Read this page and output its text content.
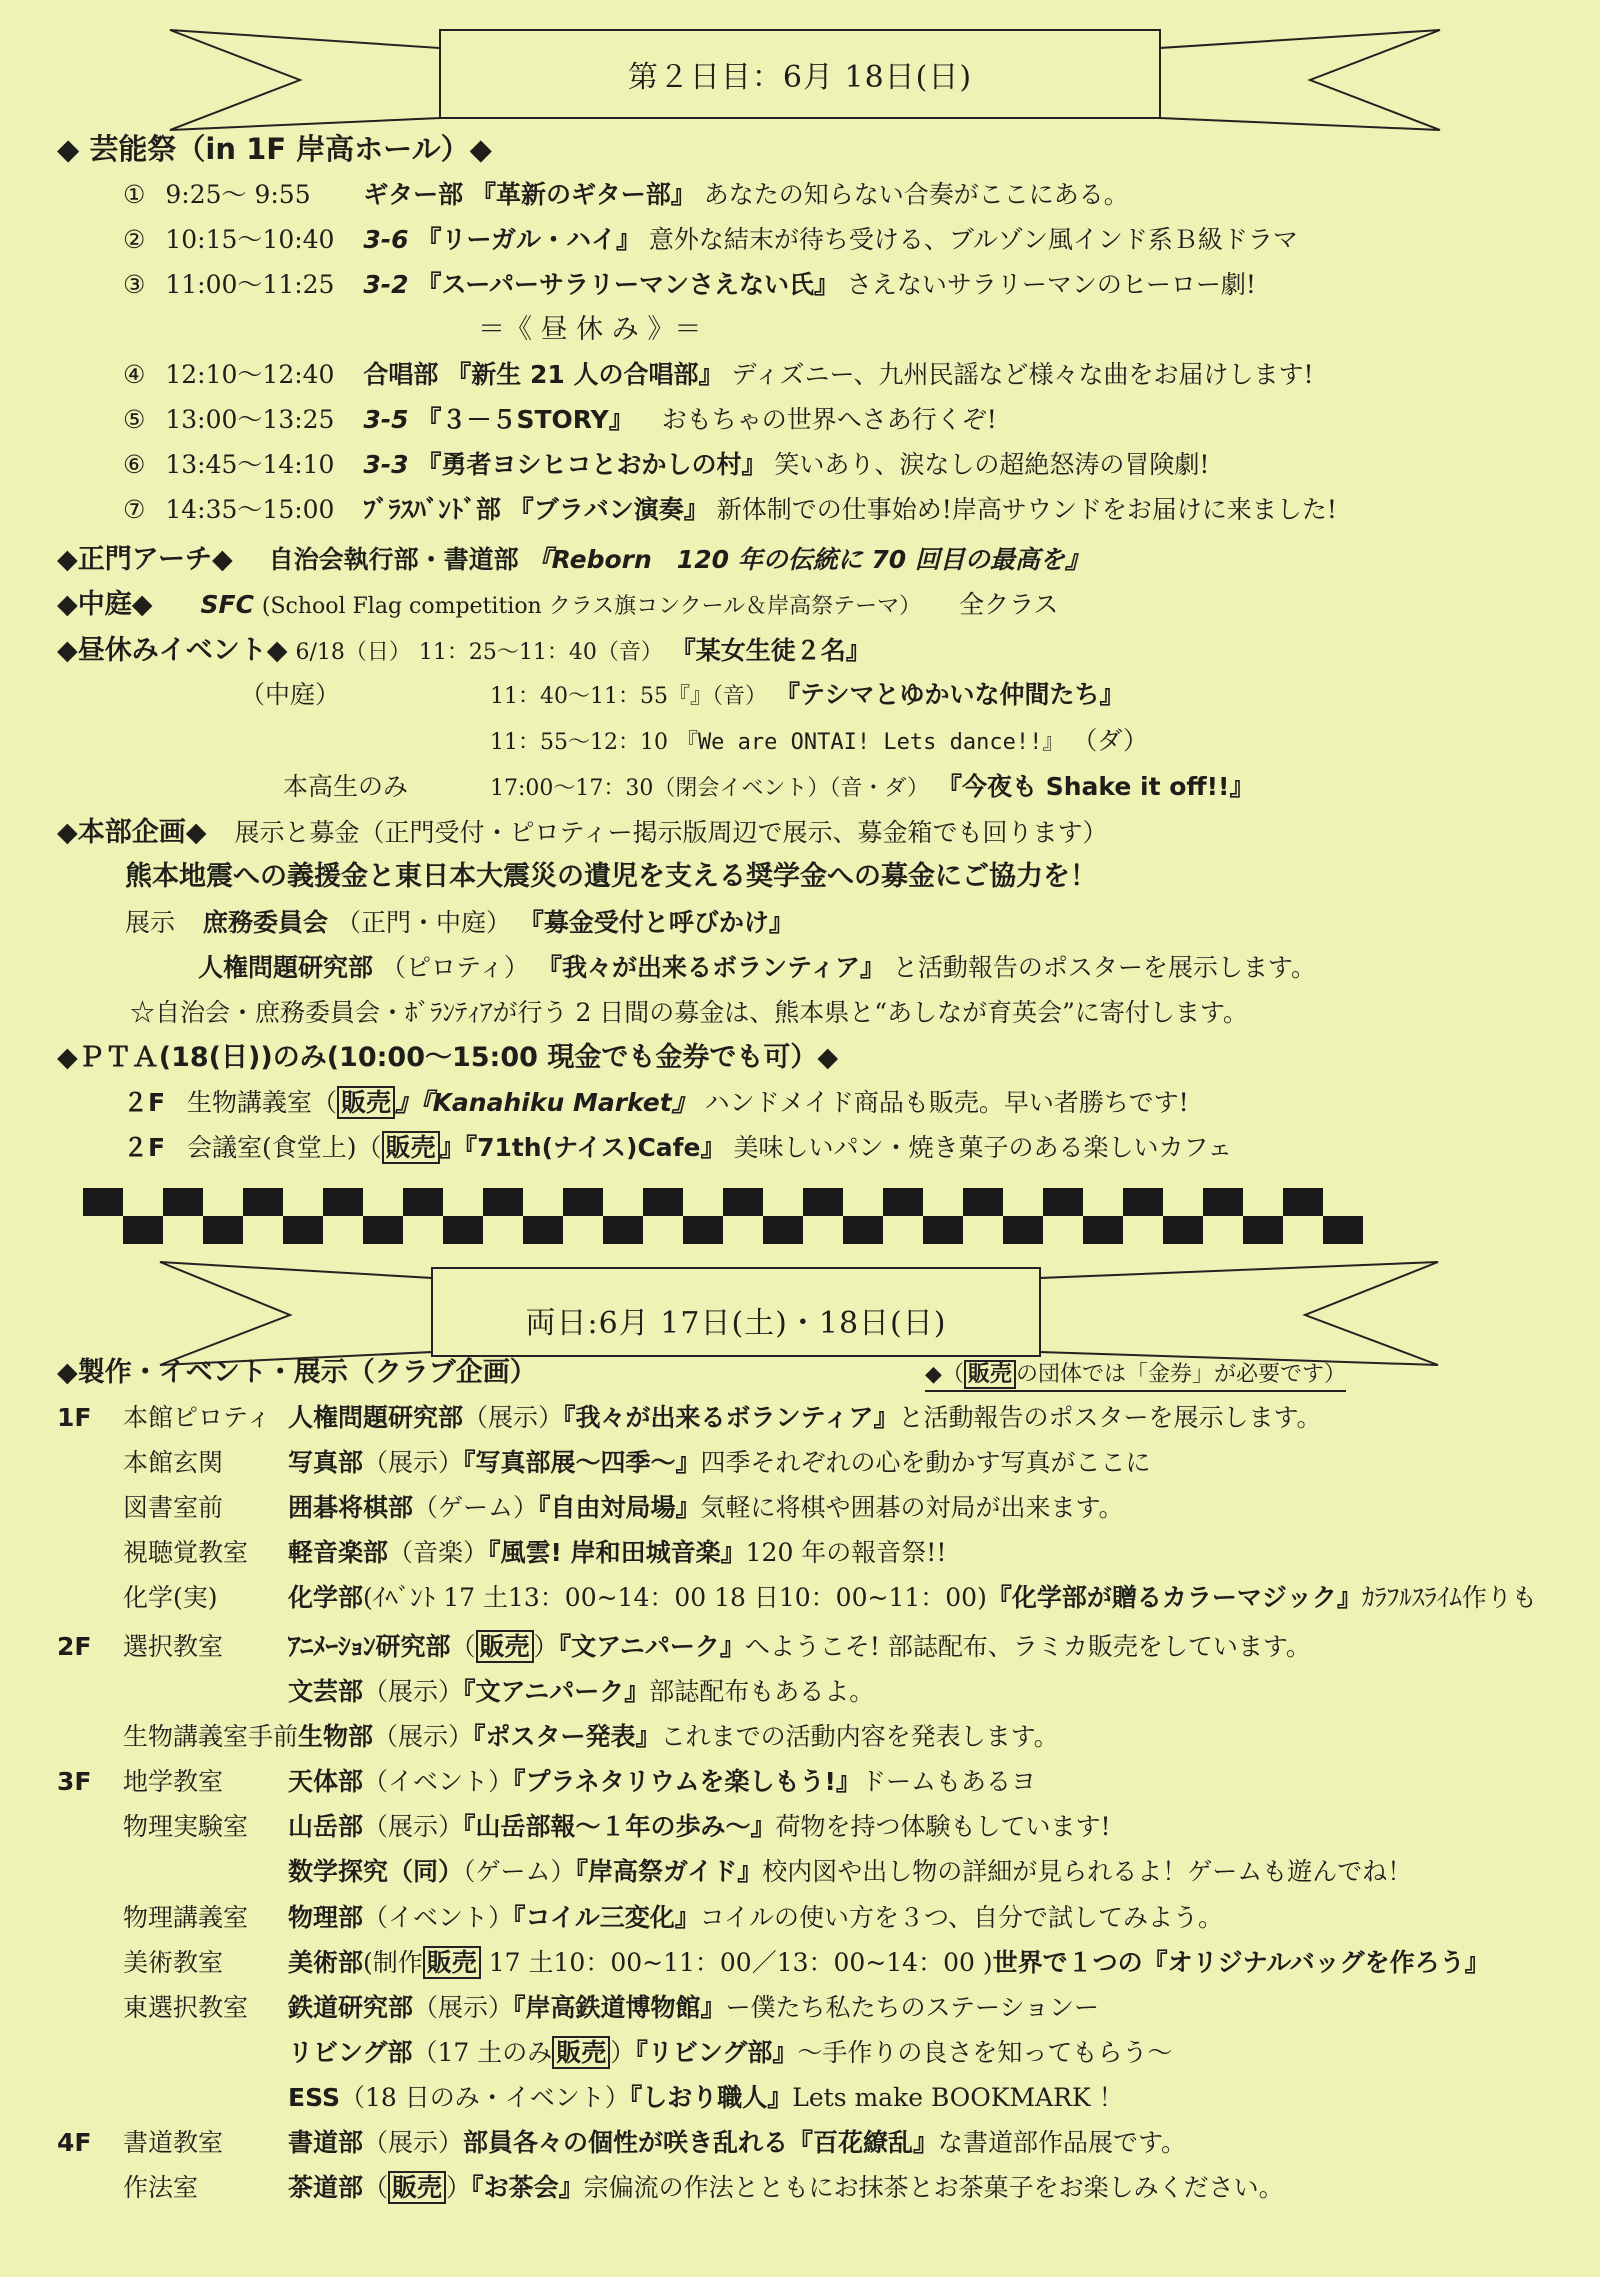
第２日目：6月 18日(日)
◆ 芸能祭（in 1F 岸高ホール）◆
① 9:25〜 9:55 ギター部 『革新のギター部』 あなたの知らない合奏がここにある。
② 10:15〜10:40 3-6 『リーガル・ハイ』 意外な結末が待ち受ける、ブルゾン風インド系Ｂ級ドラマ
③ 11:00〜11:25 3-2 『スーパーサラリーマンさえない氏』 さえないサラリーマンのヒーロー劇!
＝《 昼 休 み 》＝
④ 12:10〜12:40 合唱部 『新生 21 人の合唱部』 ディズニー、九州民謡など様々な曲をお届けします!
⑤ 13:00〜13:25 3-5 『３－５STORY』 おもちゃの世界へさあ行くぞ!
⑥ 13:45〜14:10 3-3 『勇者ヨシヒコとおかしの村』 笑いあり、涙なしの超絶怒涛の冒険劇!
⑦ 14:35〜15:00 ﾌﾞﾗｽﾊﾞﾝﾄﾞ部 『ブラバン演奏』 新体制での仕事始め!岸高サウンドをお届けに来ました!
◆正門アーチ◆ 自治会執行部・書道部 『Reborn　120 年の伝統に 70 回目の最高を』
◆中庭◆ SFC (School Flag competition クラス旗コンクール＆岸高祭テーマ） 全クラス
◆昼休みイベント◆ 6/18（日） 11：25〜11：40（音） 『某女生徒２名』
（中庭）	11：40〜11：55『』（音） 『テシマとゆかいな仲間たち』
11：55〜12：10 『We are ONTAI! Lets dance!!』 （ダ）
本高生のみ	17:00〜17：30（閉会イベント）（音・ダ） 『今夜も Shake it off!!』
◆本部企画◆ 展示と募金（正門受付・ピロティー掲示版周辺で展示、募金箱でも回ります）
熊本地震への義援金と東日本大震災の遺児を支える奨学金への募金にご協力を！
展示 庶務委員会 （正門・中庭） 『募金受付と呼びかけ』
人権問題研究部 （ピロティ） 『我々が出来るボランティア』 と活動報告のポスターを展示します。
☆自治会・庶務委員会・ﾎﾞﾗﾝﾃｨｱが行う 2 日間の募金は、熊本県と“あしなが育英会”に寄付します。
◆ＰＴＡ(18(日))のみ(10:00〜15:00 現金でも金券でも可）◆
２F 生物講義室（ 販売 』『Kanahiku Market』 ハンドメイド商品も販売。早い者勝ちです!
２F 会議室(食堂上)（ 販売 』『71th(ナイス)Cafe』 美味しいパン・焼き菓子のある楽しいカフェ
両日:6月 17日(土)・18日(日)
◆製作・イベント・展示（クラブ企画）	◆（ 販売 の団体では「金券」が必要です）
1F 本館ピロティ 人権問題研究部（展示）『我々が出来るボランティア』と活動報告のポスターを展示します。
本館玄関	写真部（展示）『写真部展〜四季〜』四季それぞれの心を動かす写真がここに
図書室前	囲碁将棋部（ゲーム）『自由対局場』気軽に将棋や囲碁の対局が出来ます。
視聴覚教室 軽音楽部（音楽）『風雲! 岸和田城音楽』120 年の報音祭!!
化学(実)	化学部(ｲﾍﾞﾝﾄ 17 土13：00~14：00 18 日10：00~11：00)『化学部が贈るカラーマジック』ｶﾗﾌﾙｽﾗｲﾑ作りも
2F 選択教室	ｱﾆﾒｰｼｮﾝ研究部（ 販売 ）『文アニパーク』へようこそ! 部誌配布、ラミカ販売をしています。
文芸部（展示）『文アニパーク』部誌配布もあるよ。
生物講義室手前生物部（展示）『ポスター発表』これまでの活動内容を発表します。
3F 地学教室	天体部（イベント）『プラネタリウムを楽しもう!』ドームもあるヨ
物理実験室 山岳部（展示）『山岳部報〜１年の歩み〜』荷物を持つ体験もしています!
数学探究（同）（ゲーム）『岸高祭ガイド』校内図や出し物の詳細が見られるよ！ゲームも遊んでね！
物理講義室 物理部（イベント）『コイル三変化』コイルの使い方を３つ、自分で試してみよう。
美術教室	美術部(制作 販売 17 土10：00~11：00／13：00~14：00 )世界で１つの『オリジナルバッグを作ろう』
東選択教室 鉄道研究部（展示）『岸高鉄道博物館』ー僕たち私たちのステーションー
リビング部（17 土のみ 販売 ）『リビング部』〜手作りの良さを知ってもらう〜
ESS（18 日のみ・イベント）『しおり職人』Lets make BOOKMARK ！
4F 書道教室	書道部（展示）部員各々の個性が咲き乱れる『百花繚乱』な書道部作品展です。
作法室	茶道部（ 販売 ）『お茶会』宗偏流の作法とともにお抹茶とお茶菓子をお楽しみください。
